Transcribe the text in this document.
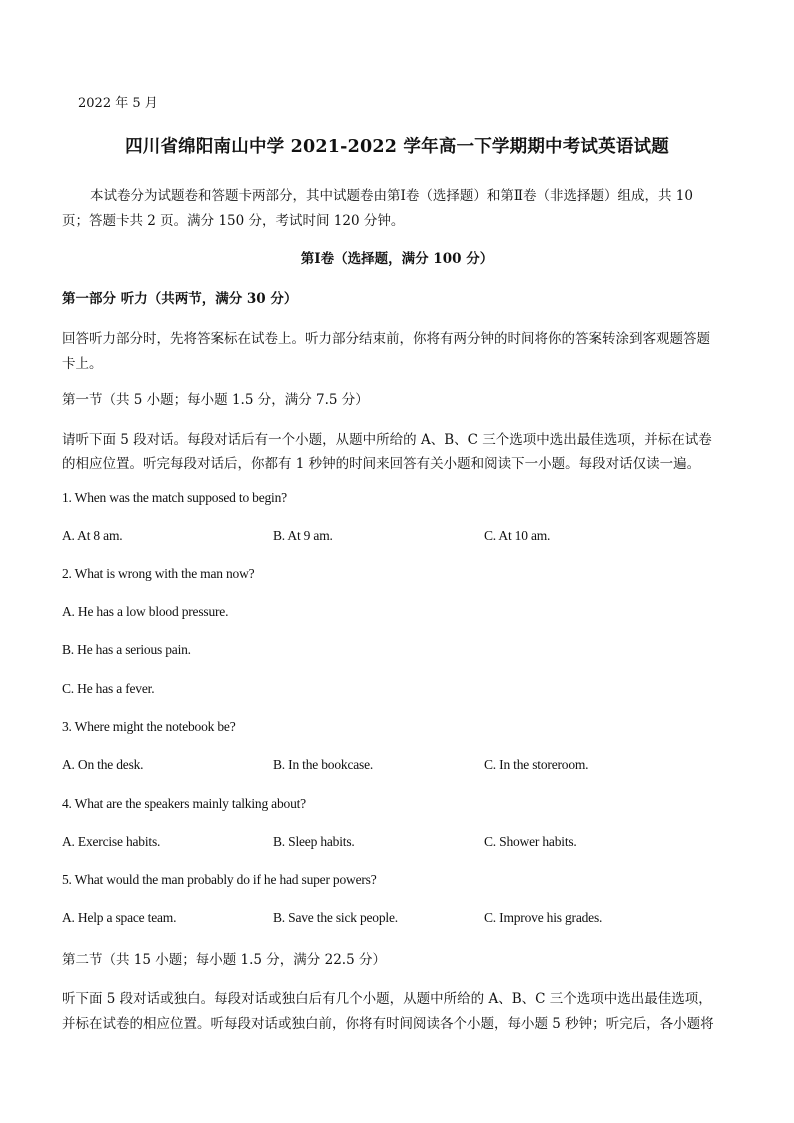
2022 年 5 月
四川省绵阳南山中学 2021-2022 学年高一下学期期中考试英语试题
本试卷分为试题卷和答题卡两部分，其中试题卷由第Ⅰ卷（选择题）和第Ⅱ卷（非选择题）组成，共 10
页；答题卡共 2 页。满分 150 分，考试时间 120 分钟。
第Ⅰ卷（选择题，满分 100 分）
第一部分 听力（共两节，满分 30 分）
回答听力部分时，先将答案标在试卷上。听力部分结束前，你将有两分钟的时间将你的答案转涂到客观题答题
卡上。
第一节（共 5 小题；每小题 1.5 分，满分 7.5 分）
请听下面 5 段对话。每段对话后有一个小题，从题中所给的 A、B、C 三个选项中选出最佳选项，并标在试卷
的相应位置。听完每段对话后，你都有 1 秒钟的时间来回答有关小题和阅读下一小题。每段对话仅读一遍。
1. When was the match supposed to begin?
A. At 8 am.	B. At 9 am.	C. At 10 am.
2. What is wrong with the man now?
A. He has a low blood pressure.
B. He has a serious pain.
C. He has a fever.
3. Where might the notebook be?
A. On the desk.	B. In the bookcase.	C. In the storeroom.
4. What are the speakers mainly talking about?
A. Exercise habits.	B. Sleep habits.	C. Shower habits.
5. What would the man probably do if he had super powers?
A. Help a space team.	B. Save the sick people.	C. Improve his grades.
第二节（共 15 小题；每小题 1.5 分，满分 22.5 分）
听下面 5 段对话或独白。每段对话或独白后有几个小题，从题中所给的 A、B、C 三个选项中选出最佳选项，
并标在试卷的相应位置。听每段对话或独白前，你将有时间阅读各个小题，每小题 5 秒钟；听完后，各小题将
